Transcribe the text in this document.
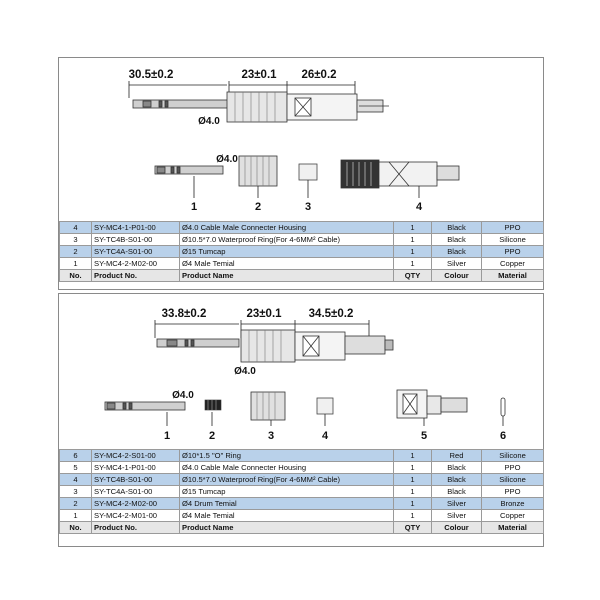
30.5±0.2	23±0.1 26±0.2
Ø4.0
Ø4.0
1	2	3	4
4	SY-MC4-1-P01-00	Ø4.0 Cable Male Connecter Housing	1	Black	PPO
3	SY-TC4B-S01-00	Ø10.5*7.0 Waterproof Ring(For 4-6MM² Cable)	1	Black	Silicone
2	SY-TC4A-S01-00	Ø15 Tumcap	1	Black	PPO
1	SY-MC4-2-M02-00	Ø4 Male Temial	1	Silver	Copper
No.	Product No.	Product Name	QTY	Colour	Material
33.8±0.2	23±0.1 34.5±0.2
Ø4.0
Ø4.0
1	2	3	4	5	6
6	SY-MC4-2-S01-00	Ø10*1.5 "O" Ring	1	Red	Silicone
5	SY-MC4-1-P01-00	Ø4.0 Cable Male Connecter Housing	1	Black	PPO
4	SY-TC4B-S01-00	Ø10.5*7.0 Waterproof Ring(For 4-6MM² Cable)	1	Black	Silicone
3	SY-TC4A-S01-00	Ø15 Tumcap	1	Black	PPO
2	SY-MC4-2-M02-00	Ø4 Drum Temial	1	Silver	Bronze
1	SY-MC4-2-M01-00	Ø4 Male Temial	1	Silver	Copper
No.	Product No.	Product Name	QTY	Colour	Material
